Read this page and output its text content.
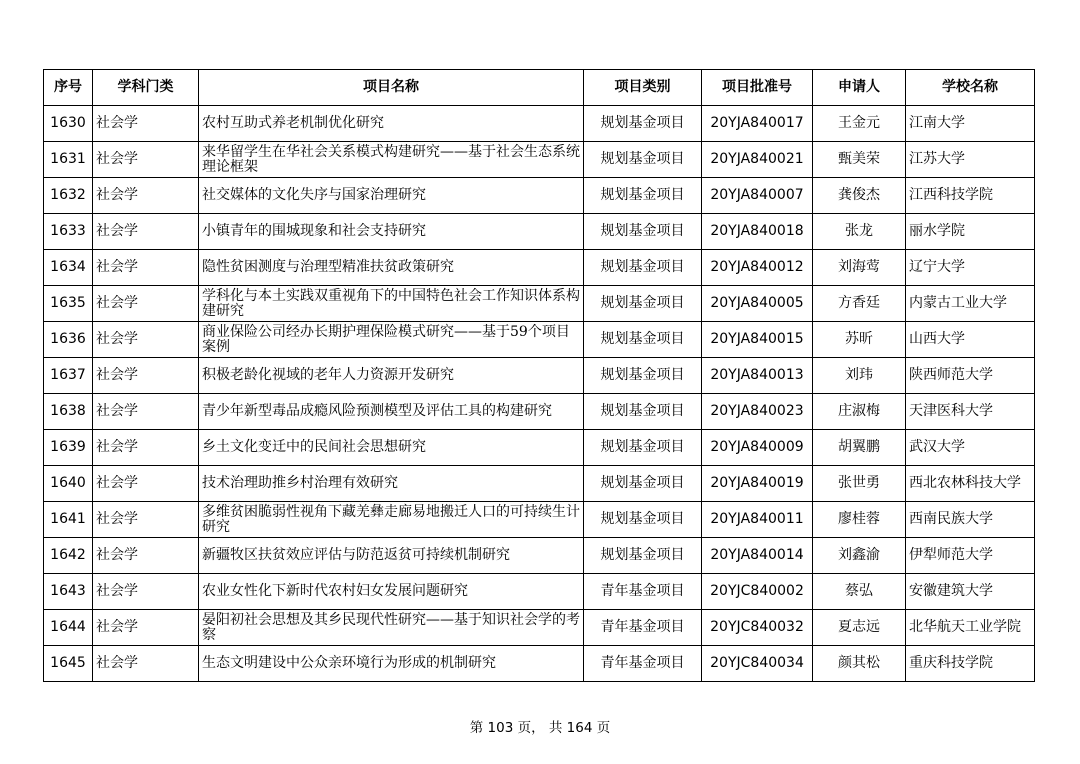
序号	学科门类	项目名称	项目类别	项目批准号	申请人	学校名称
1630	社会学	农村互助式养老机制优化研究	规划基金项目	20YJA840017	王金元	江南大学
1631	社会学	来华留学生在华社会关系模式构建研究——基于社会生态系统理论框架	规划基金项目	20YJA840021	甄美荣	江苏大学
1632	社会学	社交媒体的文化失序与国家治理研究	规划基金项目	20YJA840007	龚俊杰	江西科技学院
1633	社会学	小镇青年的围城现象和社会支持研究	规划基金项目	20YJA840018	张龙	丽水学院
1634	社会学	隐性贫困测度与治理型精准扶贫政策研究	规划基金项目	20YJA840012	刘海莺	辽宁大学
1635	社会学	学科化与本土实践双重视角下的中国特色社会工作知识体系构建研究	规划基金项目	20YJA840005	方香廷	内蒙古工业大学
1636	社会学	商业保险公司经办长期护理保险模式研究——基于59个项目案例	规划基金项目	20YJA840015	苏昕	山西大学
1637	社会学	积极老龄化视域的老年人力资源开发研究	规划基金项目	20YJA840013	刘玮	陕西师范大学
1638	社会学	青少年新型毒品成瘾风险预测模型及评估工具的构建研究	规划基金项目	20YJA840023	庄淑梅	天津医科大学
1639	社会学	乡土文化变迁中的民间社会思想研究	规划基金项目	20YJA840009	胡翼鹏	武汉大学
1640	社会学	技术治理助推乡村治理有效研究	规划基金项目	20YJA840019	张世勇	西北农林科技大学
1641	社会学	多维贫困脆弱性视角下藏羌彝走廊易地搬迁人口的可持续生计研究	规划基金项目	20YJA840011	廖桂蓉	西南民族大学
1642	社会学	新疆牧区扶贫效应评估与防范返贫可持续机制研究	规划基金项目	20YJA840014	刘鑫渝	伊犁师范大学
1643	社会学	农业女性化下新时代农村妇女发展问题研究	青年基金项目	20YJC840002	蔡弘	安徽建筑大学
1644	社会学	晏阳初社会思想及其乡民现代性研究——基于知识社会学的考察	青年基金项目	20YJC840032	夏志远	北华航天工业学院
1645	社会学	生态文明建设中公众亲环境行为形成的机制研究	青年基金项目	20YJC840034	颜其松	重庆科技学院
第 103 页， 共 164 页
